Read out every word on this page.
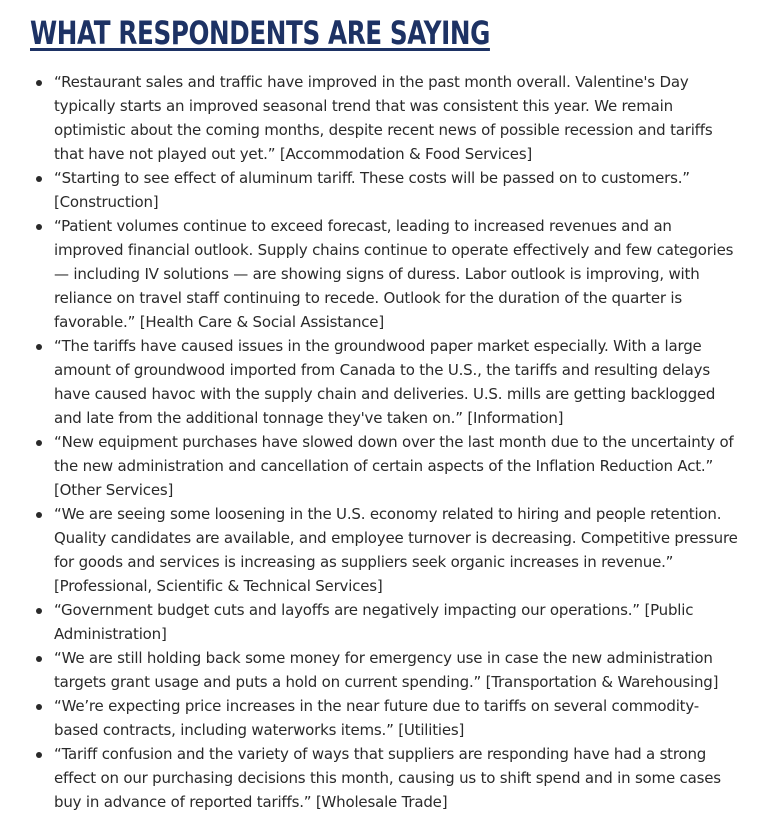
WHAT RESPONDENTS ARE SAYING
“Restaurant sales and traffic have improved in the past month overall. Valentine's Day typically starts an improved seasonal trend that was consistent this year. We remain optimistic about the coming months, despite recent news of possible recession and tariffs that have not played out yet.” [Accommodation & Food Services]
“Starting to see effect of aluminum tariff. These costs will be passed on to customers.” [Construction]
“Patient volumes continue to exceed forecast, leading to increased revenues and an improved financial outlook. Supply chains continue to operate effectively and few categories — including IV solutions — are showing signs of duress. Labor outlook is improving, with reliance on travel staff continuing to recede. Outlook for the duration of the quarter is favorable.” [Health Care & Social Assistance]
“The tariffs have caused issues in the groundwood paper market especially. With a large amount of groundwood imported from Canada to the U.S., the tariffs and resulting delays have caused havoc with the supply chain and deliveries. U.S. mills are getting backlogged and late from the additional tonnage they've taken on.” [Information]
“New equipment purchases have slowed down over the last month due to the uncertainty of the new administration and cancellation of certain aspects of the Inflation Reduction Act.” [Other Services]
“We are seeing some loosening in the U.S. economy related to hiring and people retention. Quality candidates are available, and employee turnover is decreasing. Competitive pressure for goods and services is increasing as suppliers seek organic increases in revenue.” [Professional, Scientific & Technical Services]
“Government budget cuts and layoffs are negatively impacting our operations.” [Public Administration]
“We are still holding back some money for emergency use in case the new administration targets grant usage and puts a hold on current spending.” [Transportation & Warehousing]
“We’re expecting price increases in the near future due to tariffs on several commodity-based contracts, including waterworks items.” [Utilities]
“Tariff confusion and the variety of ways that suppliers are responding have had a strong effect on our purchasing decisions this month, causing us to shift spend and in some cases buy in advance of reported tariffs.” [Wholesale Trade]
